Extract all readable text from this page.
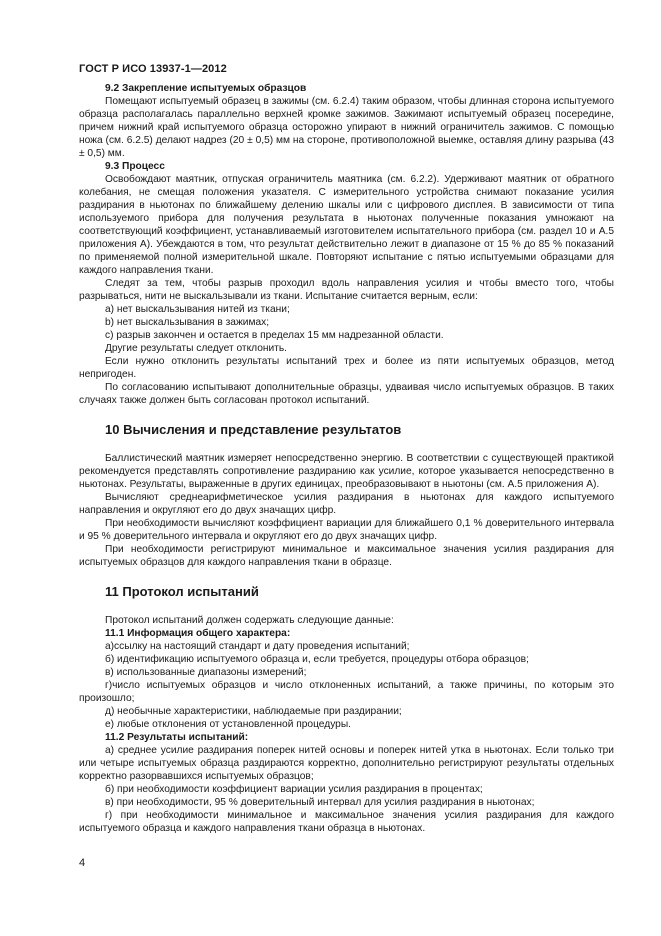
ГОСТ Р ИСО 13937-1—2012

9.2 Закрепление испытуемых образцов

Помещают испытуемый образец в зажимы (см. 6.2.4) таким образом, чтобы длинная сторона испытуемого образца располагалась параллельно верхней кромке зажимов. Зажимают испытуемый образец посередине, причем нижний край испытуемого образца осторожно упирают в нижний ограничитель зажимов. С помощью ножа (см. 6.2.5) делают надрез (20 ± 0,5) мм на стороне, противоположной выемке, оставляя длину разрыва (43 ± 0,5) мм.

9.3 Процесс

Освобождают маятник, отпуская ограничитель маятника (см. 6.2.2). Удерживают маятник от обратного колебания, не смещая положения указателя. С измерительного устройства снимают показание усилия раздирания в ньютонах по ближайшему делению шкалы или с цифрового дисплея. В зависимости от типа используемого прибора для получения результата в ньютонах полученные показания умножают на соответствующий коэффициент, устанавливаемый изготовителем испытательного прибора (см. раздел 10 и А.5 приложения А). Убеждаются в том, что результат действительно лежит в диапазоне от 15 % до 85 % показаний по применяемой полной измерительной шкале. Повторяют испытание с пятью испытуемыми образцами для каждого направления ткани.

Следят за тем, чтобы разрыв проходил вдоль направления усилия и чтобы вместо того, чтобы разрываться, нити не выскальзывали из ткани. Испытание считается верным, если:

а) нет выскальзывания нитей из ткани;

b) нет выскальзывания в зажимах;

с) разрыв закончен и остается в пределах 15 мм надрезанной области.

Другие результаты следует отклонить.

Если нужно отклонить результаты испытаний трех и более из пяти испытуемых образцов, метод непригоден.

По согласованию испытывают дополнительные образцы, удваивая число испытуемых образцов. В таких случаях также должен быть согласован протокол испытаний.

10 Вычисления и представление результатов

Баллистический маятник измеряет непосредственно энергию. В соответствии с существующей практикой рекомендуется представлять сопротивление раздиранию как усилие, которое указывается непосредственно в ньютонах. Результаты, выраженные в других единицах, преобразовывают в ньютоны (см. А.5 приложения А).

Вычисляют среднеарифметическое усилия раздирания в ньютонах для каждого испытуемого направления и округляют его до двух значащих цифр.

При необходимости вычисляют коэффициент вариации для ближайшего 0,1 % доверительного интервала и 95 % доверительного интервала и округляют его до двух значащих цифр.

При необходимости регистрируют минимальное и максимальное значения усилия раздирания для испытуемых образцов для каждого направления ткани в образце.

11 Протокол испытаний

Протокол испытаний должен содержать следующие данные:

11.1 Информация общего характера:

а)ссылку на настоящий стандарт и дату проведения испытаний;

б) идентификацию испытуемого образца и, если требуется, процедуры отбора образцов;

в) использованные диапазоны измерений;

г)число испытуемых образцов и число отклоненных испытаний, а также причины, по которым это произошло;

д) необычные характеристики, наблюдаемые при раздирании;

е) любые отклонения от установленной процедуры.

11.2 Результаты испытаний:

а) среднее усилие раздирания поперек нитей основы и поперек нитей утка в ньютонах. Если только три или четыре испытуемых образца раздираются корректно, дополнительно регистрируют результаты отдельных корректно разорвавшихся испытуемых образцов;

б) при необходимости коэффициент вариации усилия раздирания в процентах;

в) при необходимости, 95 % доверительный интервал для усилия раздирания в ньютонах;

г) при необходимости минимальное и максимальное значения усилия раздирания для каждого испытуемого образца и каждого направления ткани образца в ньютонах.

4
